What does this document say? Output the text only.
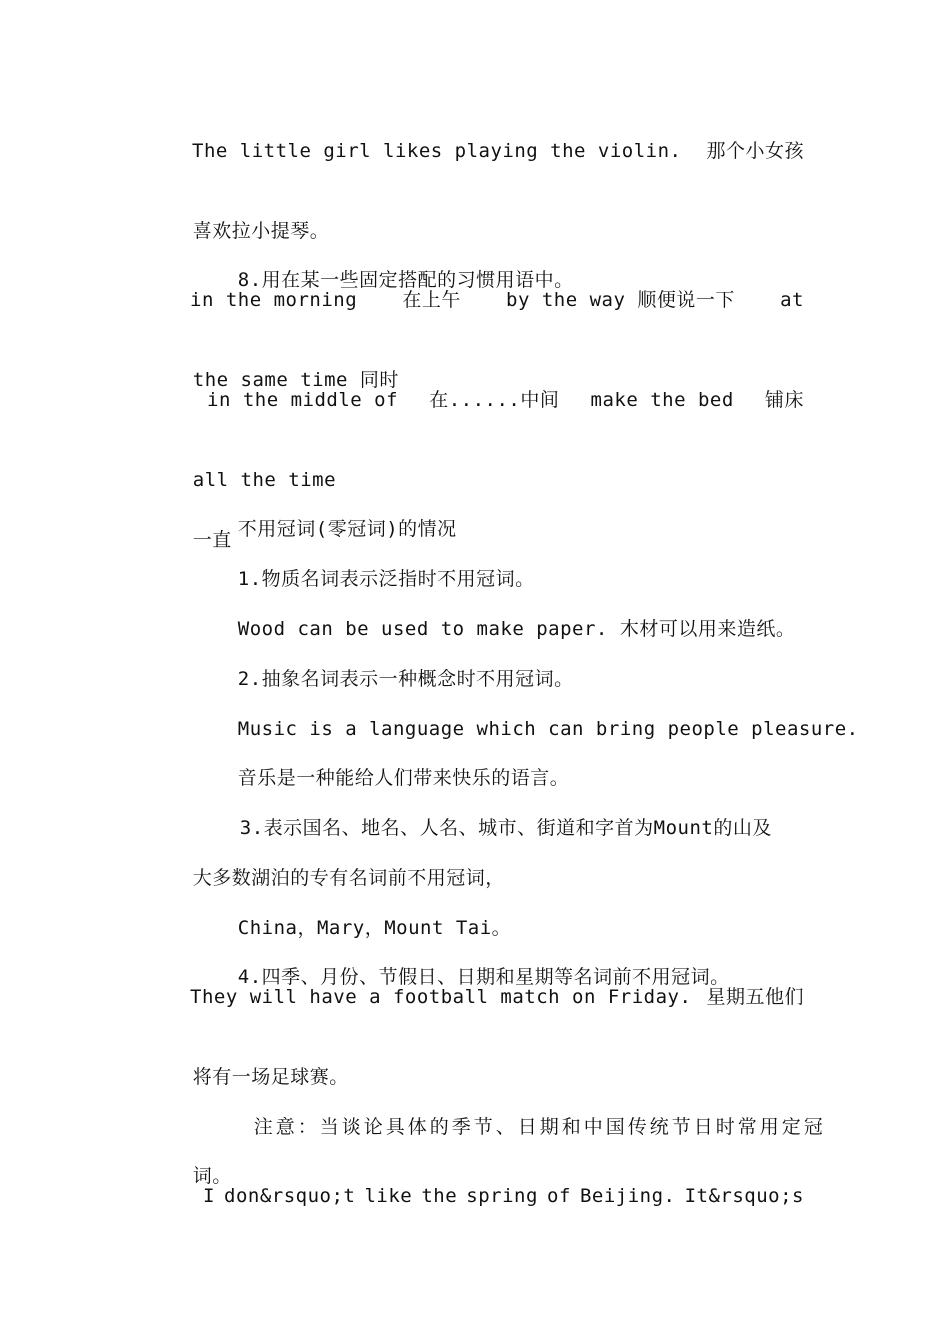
The little girl likes playing the violin. 那个小女孩

喜欢拉小提琴。

8.用在某一些固定搭配的习惯用语中。

in the morning 在上午 by the way 顺便说一下 at

the same time 同时

in the middle of 在......中间 make the bed 铺床

all the time

一直
不用冠词(零冠词)的情况

1.物质名词表示泛指时不用冠词。

Wood can be used to make paper. 木材可以用来造纸。

2.抽象名词表示一种概念时不用冠词。

Music is a language which can bring people pleasure.

音乐是一种能给人们带来快乐的语言。

3.表示国名、地名、人名、城市、街道和字首为Mount的山及

大多数湖泊的专有名词前不用冠词，

China，Mary，Mount Tai。

4.四季、月份、节假日、日期和星期等名词前不用冠词。

They will have a football match on Friday. 星期五他们

将有一场足球赛。

注意：当谈论具体的季节、日期和中国传统节日时常用定冠

词。

I don&rsquo;t like the spring of Beijing. It&rsquo;s
